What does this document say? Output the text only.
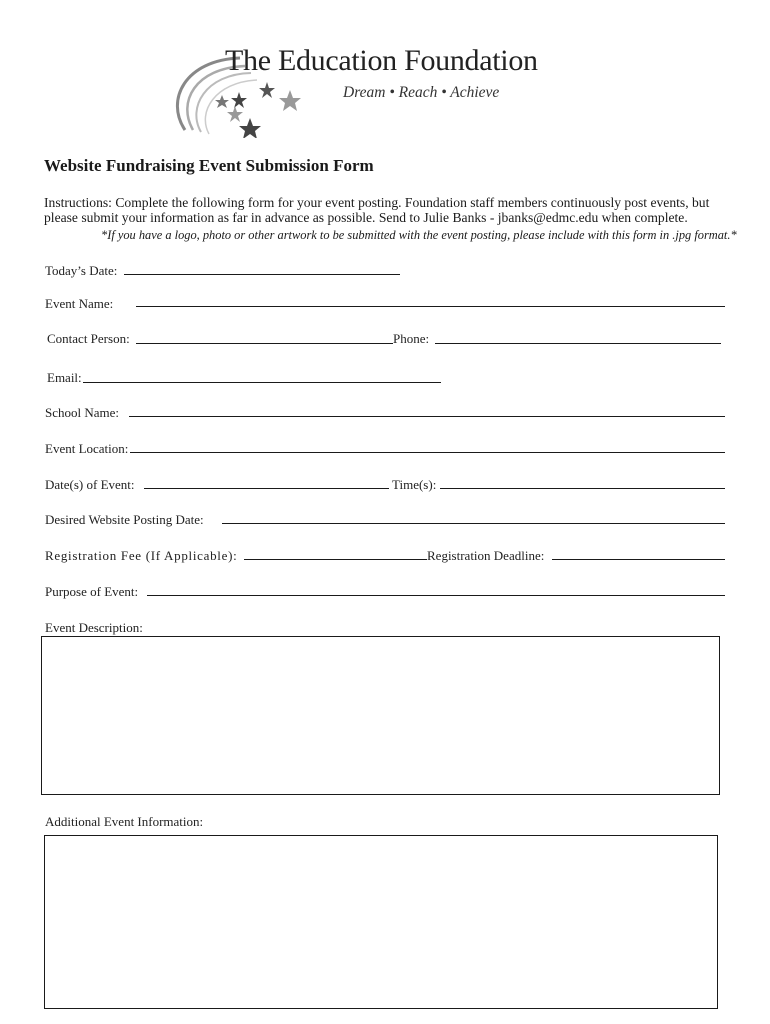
The Education Foundation
Dream • Reach • Achieve
Website Fundraising Event Submission Form
Instructions: Complete the following form for your event posting. Foundation staff members continuously post events, but
please submit your information as far in advance as possible. Send to Julie Banks - jbanks@edmc.edu when complete.
*If you have a logo, photo or other artwork to be submitted with the event posting, please include with this form in .jpg format.*
Today’s Date:
Event Name:
Contact Person:	Phone:
Email:
School Name:
Event Location:
Date(s) of Event:	Time(s):
Desired Website Posting Date:
Registration Fee (If Applicable):	Registration Deadline:
Purpose of Event:
Event Description:
Additional Event Information:
